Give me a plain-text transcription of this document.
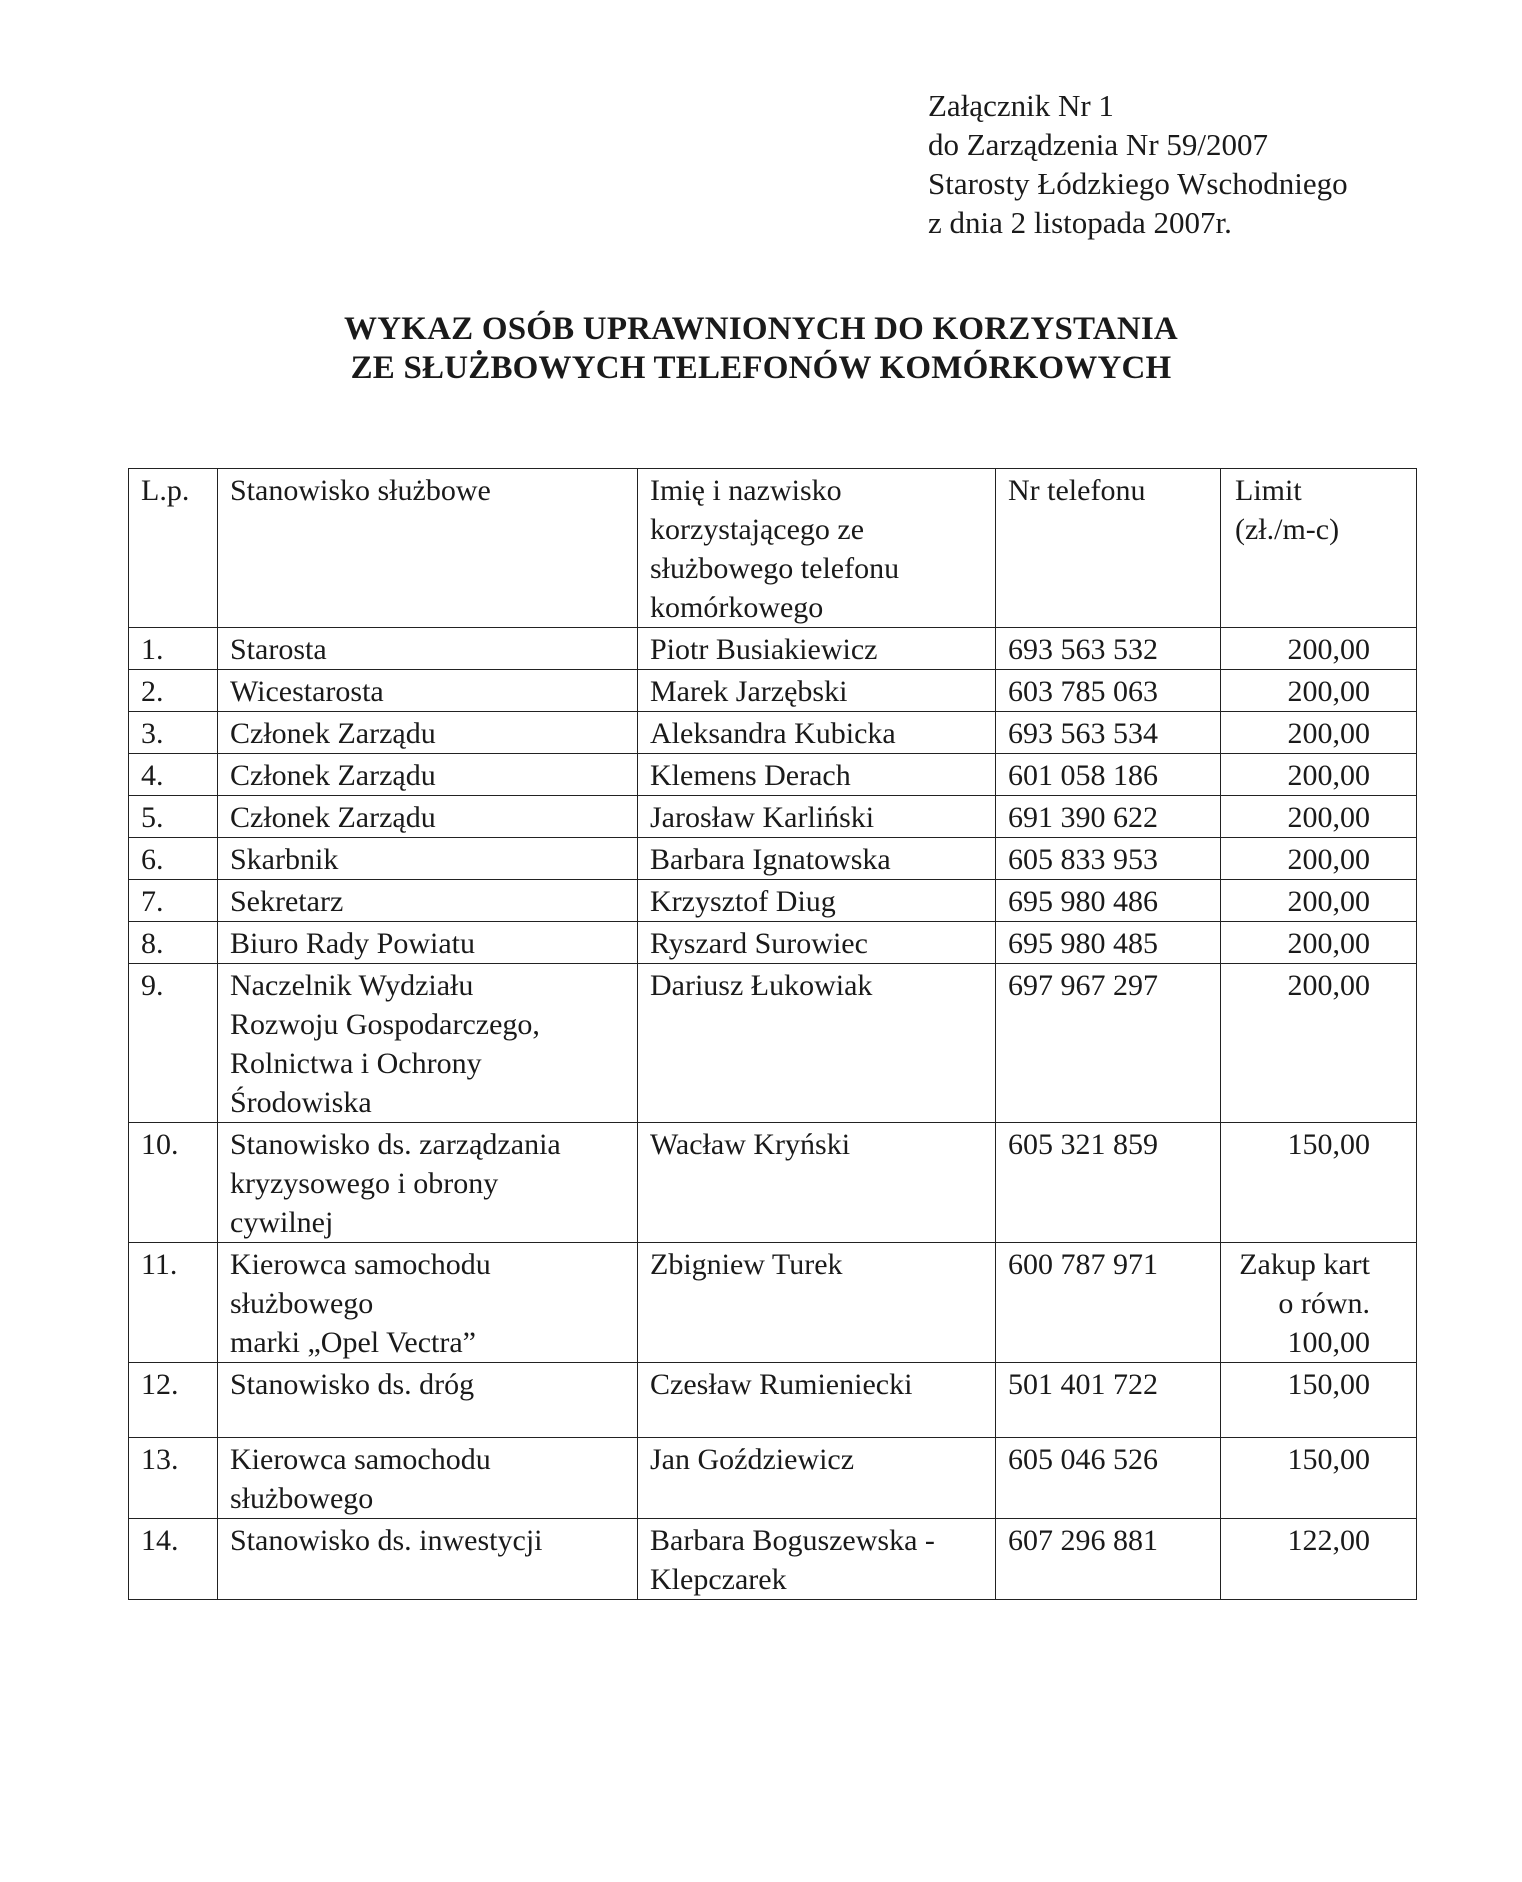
Załącznik Nr 1
do Zarządzenia Nr 59/2007
Starosty Łódzkiego Wschodniego
z dnia 2 listopada 2007r.
WYKAZ OSÓB UPRAWNIONYCH DO KORZYSTANIA
ZE SŁUŻBOWYCH TELEFONÓW KOMÓRKOWYCH
L.p.	Stanowisko służbowe	Imię i nazwisko
korzystającego ze
służbowego telefonu
komórkowego	Nr telefonu	Limit
(zł./m-c)

1.	Starosta	Piotr Busiakiewicz	693 563 532	200,00

2.	Wicestarosta	Marek Jarzębski	603 785 063	200,00

3.	Członek Zarządu	Aleksandra Kubicka	693 563 534	200,00

4.	Członek Zarządu	Klemens Derach	601 058 186	200,00

5.	Członek Zarządu	Jarosław Karliński	691 390 622	200,00

6.	Skarbnik	Barbara Ignatowska	605 833 953	200,00

7.	Sekretarz	Krzysztof Diug	695 980 486	200,00

8.	Biuro Rady Powiatu	Ryszard Surowiec	695 980 485	200,00

9.	Naczelnik Wydziału
Rozwoju Gospodarczego,
Rolnictwa i Ochrony
Środowiska	Dariusz Łukowiak	697 967 297	200,00

10.	Stanowisko ds. zarządzania
kryzysowego i obrony
cywilnej	Wacław Kryński	605 321 859	150,00

11.	Kierowca samochodu
służbowego
marki „Opel Vectra”	Zbigniew Turek	600 787 971	Zakup kart
o równ.
100,00

12.	Stanowisko ds. dróg	Czesław Rumieniecki	501 401 722	150,00

13.	Kierowca samochodu
służbowego	Jan Goździewicz	605 046 526	150,00

14.	Stanowisko ds. inwestycji	Barbara Boguszewska -
Klepczarek	607 296 881	122,00
